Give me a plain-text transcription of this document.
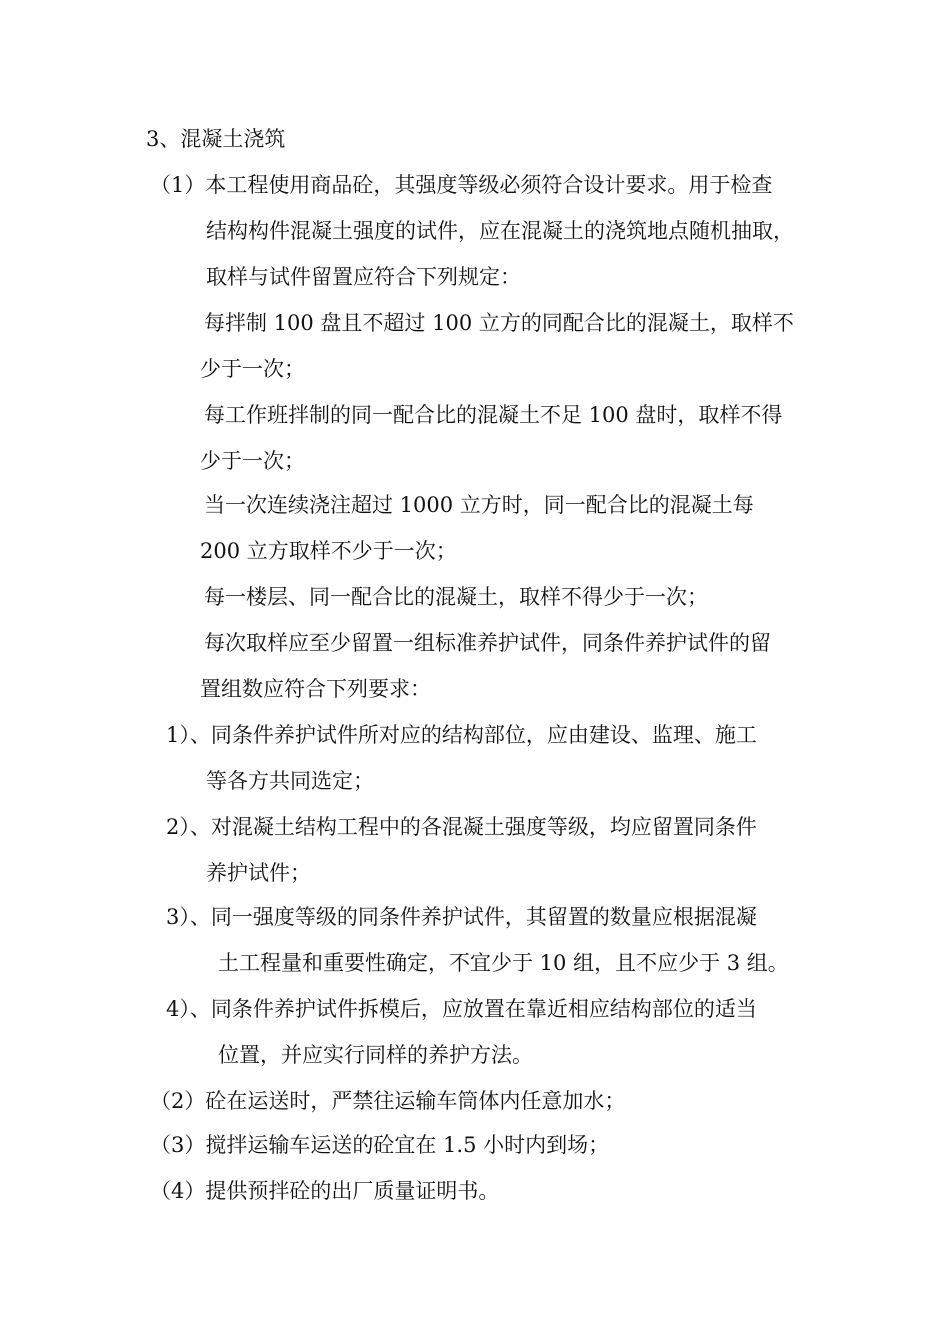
3、混凝土浇筑
（1）本工程使用商品砼，其强度等级必须符合设计要求。用于检查
结构构件混凝土强度的试件，应在混凝土的浇筑地点随机抽取，
取样与试件留置应符合下列规定：
每拌制 100 盘且不超过 100 立方的同配合比的混凝土，取样不
少于一次；
每工作班拌制的同一配合比的混凝土不足 100 盘时，取样不得
少于一次；
当一次连续浇注超过 1000 立方时，同一配合比的混凝土每
200 立方取样不少于一次；
每一楼层、同一配合比的混凝土，取样不得少于一次；
每次取样应至少留置一组标准养护试件，同条件养护试件的留
置组数应符合下列要求：
1）、同条件养护试件所对应的结构部位，应由建设、监理、施工
等各方共同选定；
2）、对混凝土结构工程中的各混凝土强度等级，均应留置同条件
养护试件；
3）、同一强度等级的同条件养护试件，其留置的数量应根据混凝
土工程量和重要性确定，不宜少于 10 组，且不应少于 3 组。
4）、同条件养护试件拆模后，应放置在靠近相应结构部位的适当
位置，并应实行同样的养护方法。
（2）砼在运送时，严禁往运输车筒体内任意加水；
（3）搅拌运输车运送的砼宜在 1.5 小时内到场；
（4）提供预拌砼的出厂质量证明书。
